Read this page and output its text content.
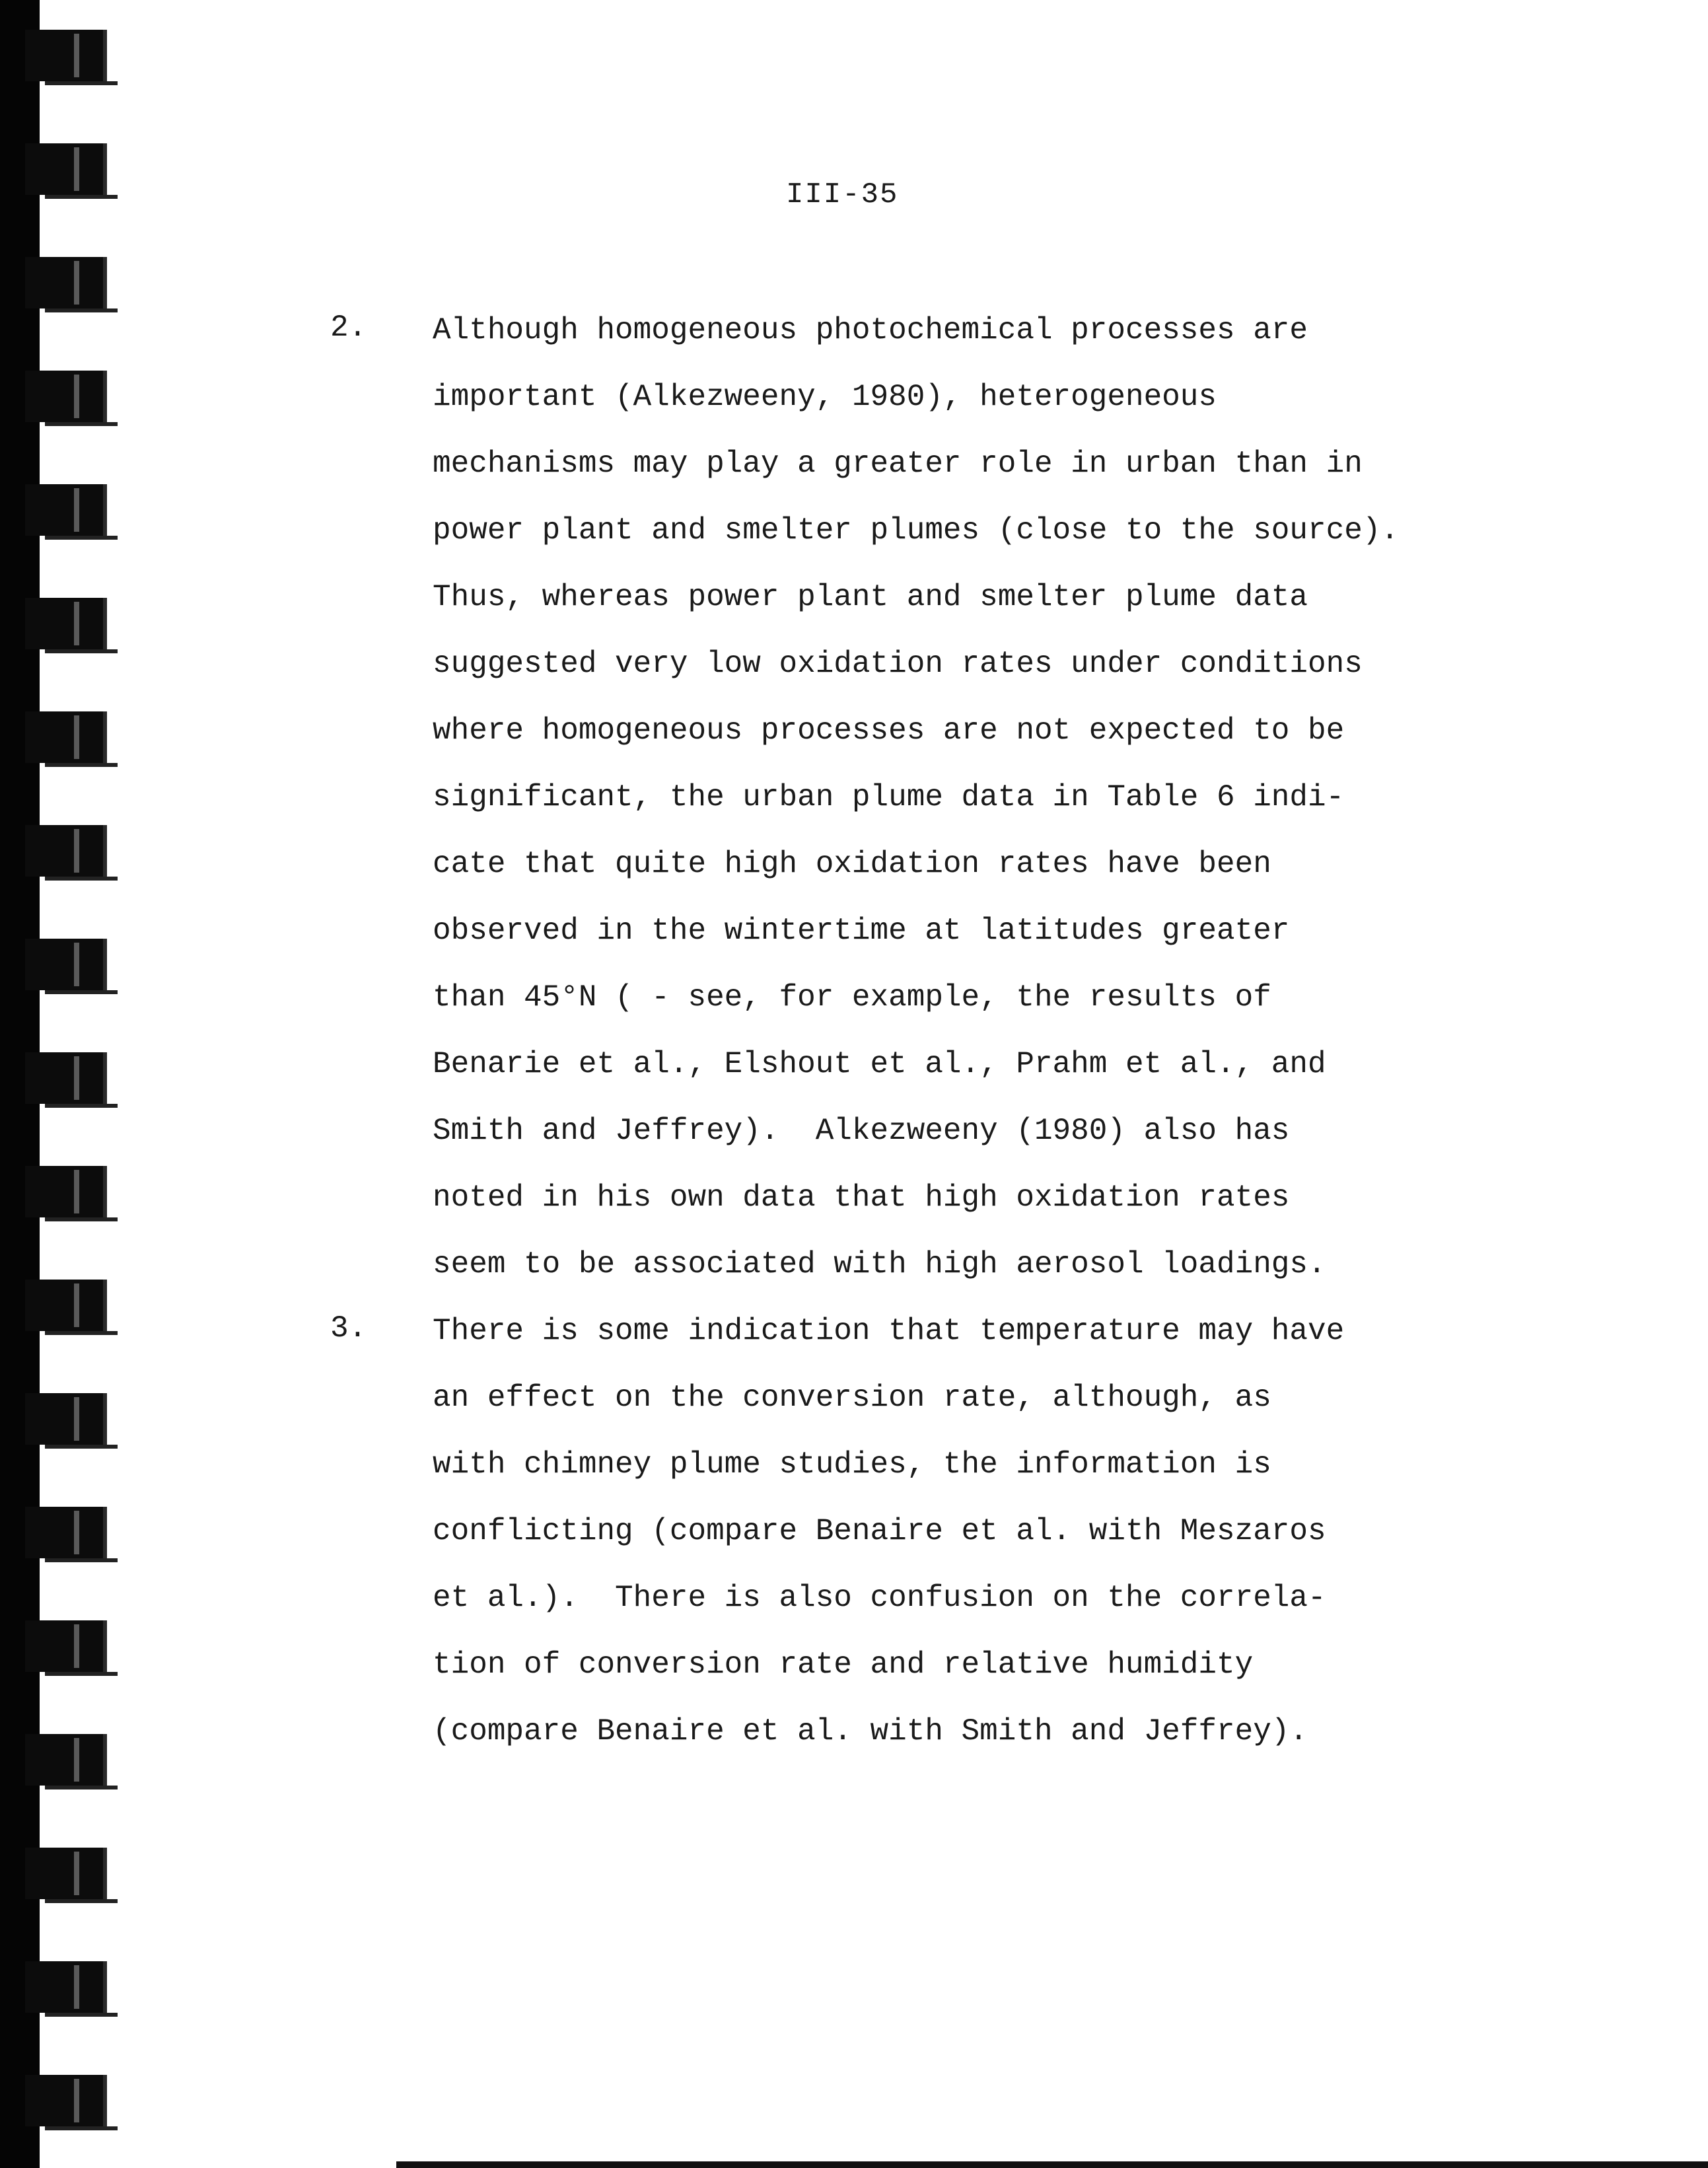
III-35
2. Although homogeneous photochemical processes are
important (Alkezweeny, 1980), heterogeneous
mechanisms may play a greater role in urban than in
power plant and smelter plumes (close to the source).
Thus, whereas power plant and smelter plume data
suggested very low oxidation rates under conditions
where homogeneous processes are not expected to be
significant, the urban plume data in Table 6 indi-
cate that quite high oxidation rates have been
observed in the wintertime at latitudes greater
than 45°N ( - see, for example, the results of
Benarie et al., Elshout et al., Prahm et al., and
Smith and Jeffrey).  Alkezweeny (1980) also has
noted in his own data that high oxidation rates
seem to be associated with high aerosol loadings.
3. There is some indication that temperature may have
an effect on the conversion rate, although, as
with chimney plume studies, the information is
conflicting (compare Benaire et al. with Meszaros
et al.).  There is also confusion on the correla-
tion of conversion rate and relative humidity
(compare Benaire et al. with Smith and Jeffrey).
